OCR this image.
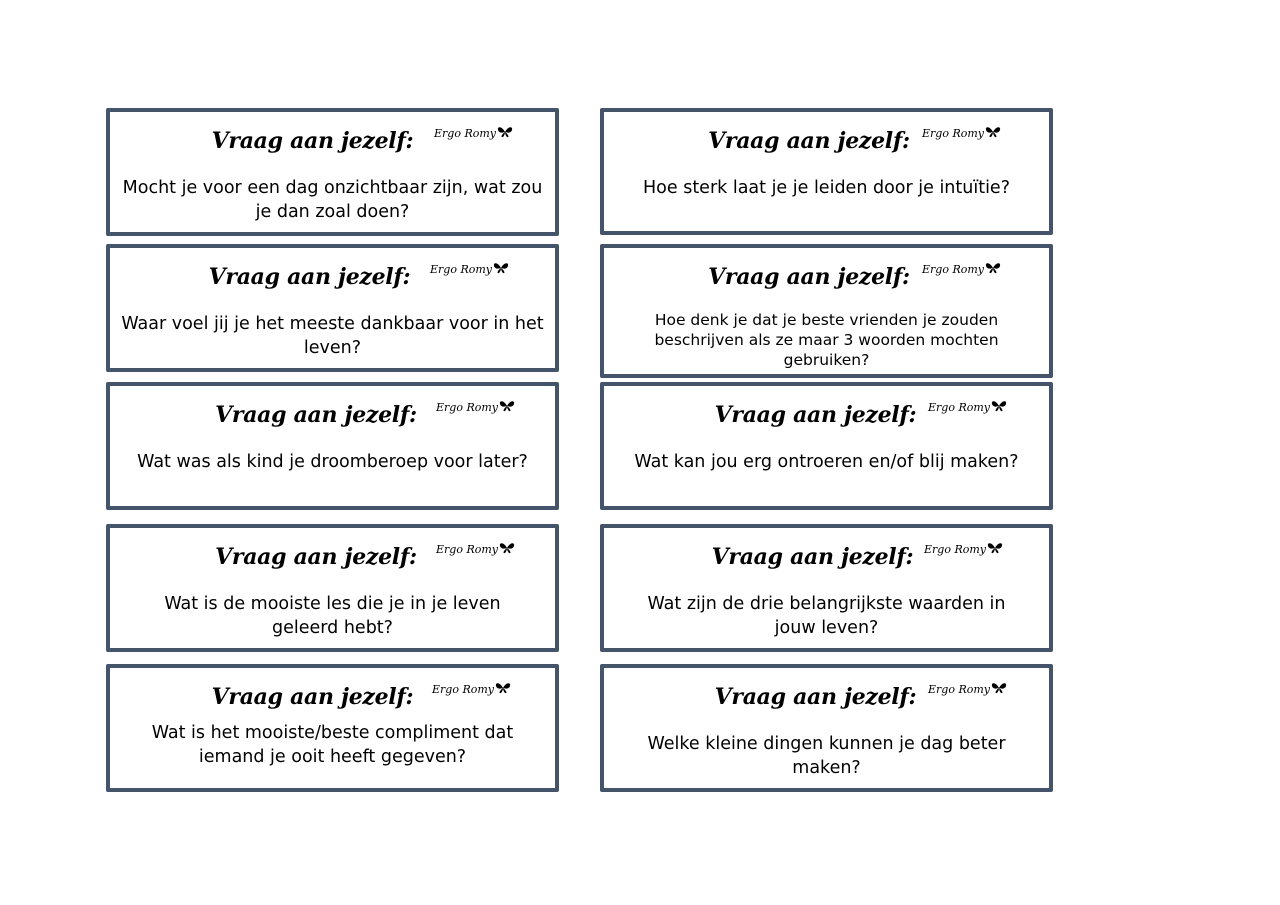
Vraag aan jezelf:	Ergo Romy
Mocht je voor een dag onzichtbaar zijn, wat zou je dan zoal doen?
Vraag aan jezelf:	Ergo Romy
Hoe sterk laat je je leiden door je intuïtie?
Vraag aan jezelf:	Ergo Romy
Waar voel jij je het meeste dankbaar voor in het leven?
Vraag aan jezelf:	Ergo Romy
Hoe denk je dat je beste vrienden je zouden beschrijven als ze maar 3 woorden mochten gebruiken?
Vraag aan jezelf:	Ergo Romy
Wat was als kind je droomberoep voor later?
Vraag aan jezelf:	Ergo Romy
Wat kan jou erg ontroeren en/of blij maken?
Vraag aan jezelf:	Ergo Romy
Wat is de mooiste les die je in je leven geleerd hebt?
Vraag aan jezelf: Ergo Romy
Wat zijn de drie belangrijkste waarden in jouw leven?
Vraag aan jezelf:	Ergo Romy
Wat is het mooiste/beste compliment dat iemand je ooit heeft gegeven?
Vraag aan jezelf:	Ergo Romy
Welke kleine dingen kunnen je dag beter maken?
